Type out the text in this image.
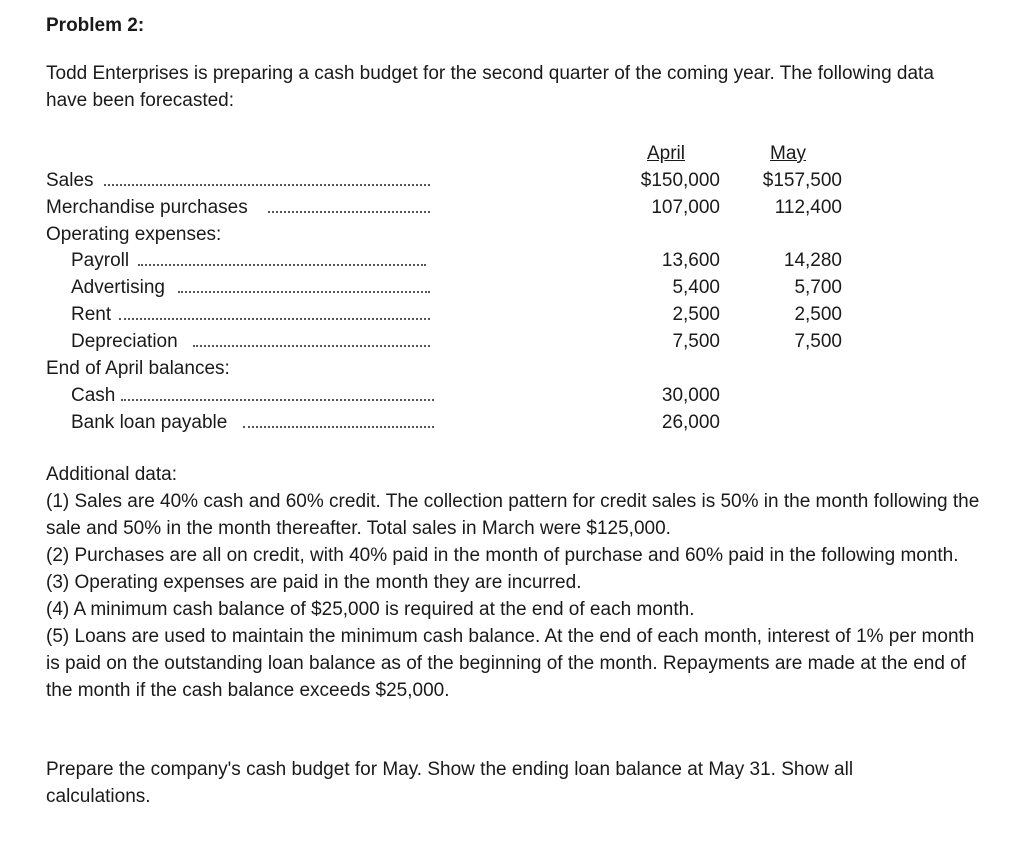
Problem 2:
Todd Enterprises is preparing a cash budget for the second quarter of the coming year. The following data have been forecasted:
April	May
Sales	$150,000 $157,500
Merchandise purchases	107,000	112,400
Operating expenses:
Payroll	13,600	14,280
Advertising	5,400	5,700
Rent	2,500	2,500
Depreciation	7,500	7,500
End of April balances:
Cash	30,000
Bank loan payable	26,000

Additional data:

(1) Sales are 40% cash and 60% credit. The collection pattern for credit sales is 50% in the month following the sale and 50% in the month thereafter. Total sales in March were $125,000.

(2) Purchases are all on credit, with 40% paid in the month of purchase and 60% paid in the following month.

(3) Operating expenses are paid in the month they are incurred.

(4) A minimum cash balance of $25,000 is required at the end of each month.

(5) Loans are used to maintain the minimum cash balance. At the end of each month, interest of 1% per month is paid on the outstanding loan balance as of the beginning of the month. Repayments are made at the end of the month if the cash balance exceeds $25,000.

Prepare the company's cash budget for May. Show the ending loan balance at May 31. Show all calculations.
